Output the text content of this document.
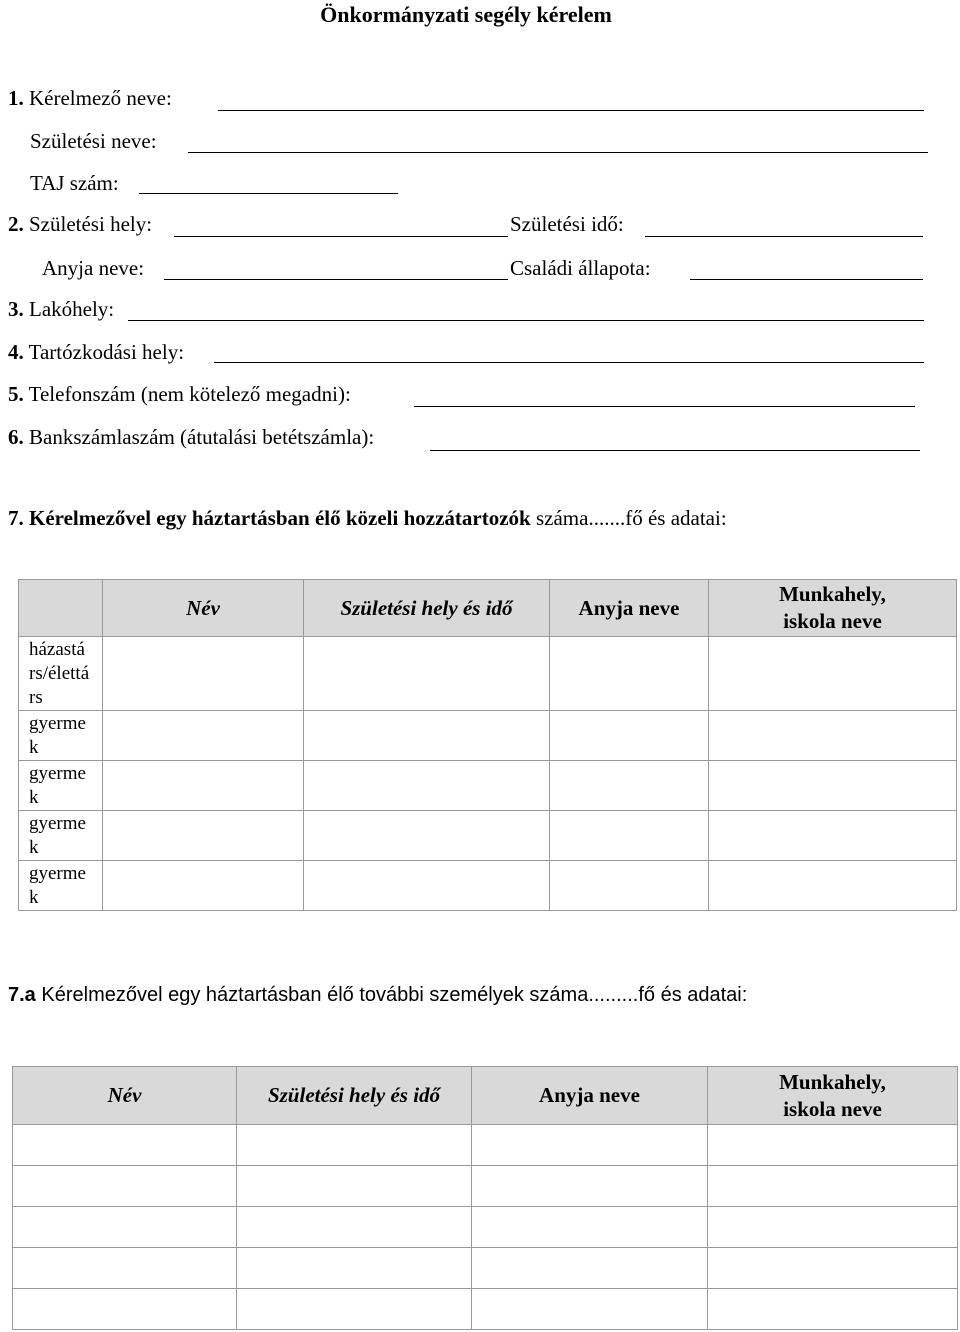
Önkormányzati segély kérelem
1. Kérelmező neve:
Születési neve:
TAJ szám:
2. Születési hely:	Születési idő:
Anyja neve:	Családi állapota:
3. Lakóhely:
4. Tartózkodási hely:
5. Telefonszám (nem kötelező megadni):
6. Bankszámlaszám (átutalási betétszámla):
7. Kérelmezővel egy háztartásban élő közeli hozzátartozók száma.......fő és adatai:
	Név	Születési hely és idő	Anyja neve	Munkahely,
iskola neve

házastárs/élettárs				

gyermek				

gyermek				

gyermek				

gyermek				

7.a Kérelmezővel egy háztartásban élő további személyek száma.........fő és adatai:
Név	Születési hely és idő	Anyja neve	Munkahely,
iskola neve
